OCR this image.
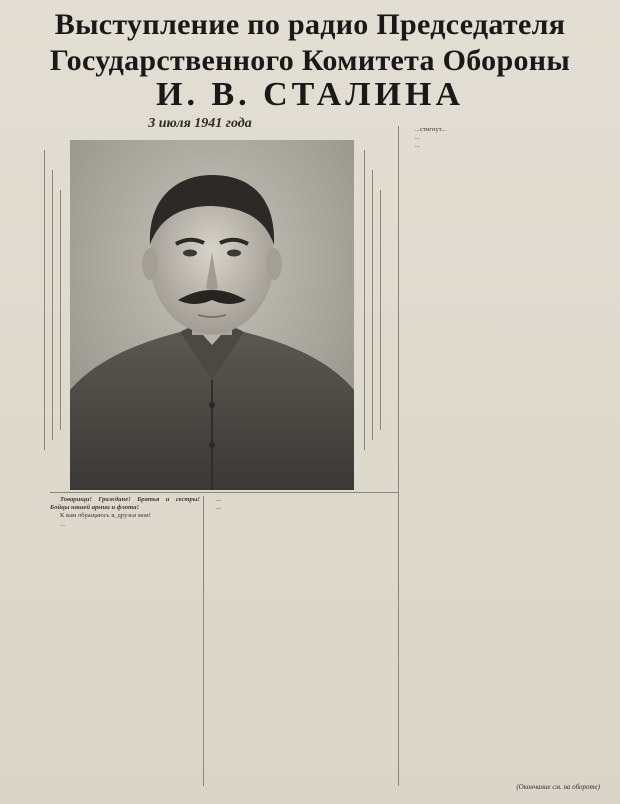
Выступление по радио Председателя
Государственного Комитета Обороны
И. В. СТАЛИНА
3 июля 1941 года	...стигнут...

...

...

Товарищи! Граждане! Братья и сестры! Бойцы нашей армии и флота!

К вам обращаюсь я, друзья мои!

...

...

...

(Окончание см. на обороте)
